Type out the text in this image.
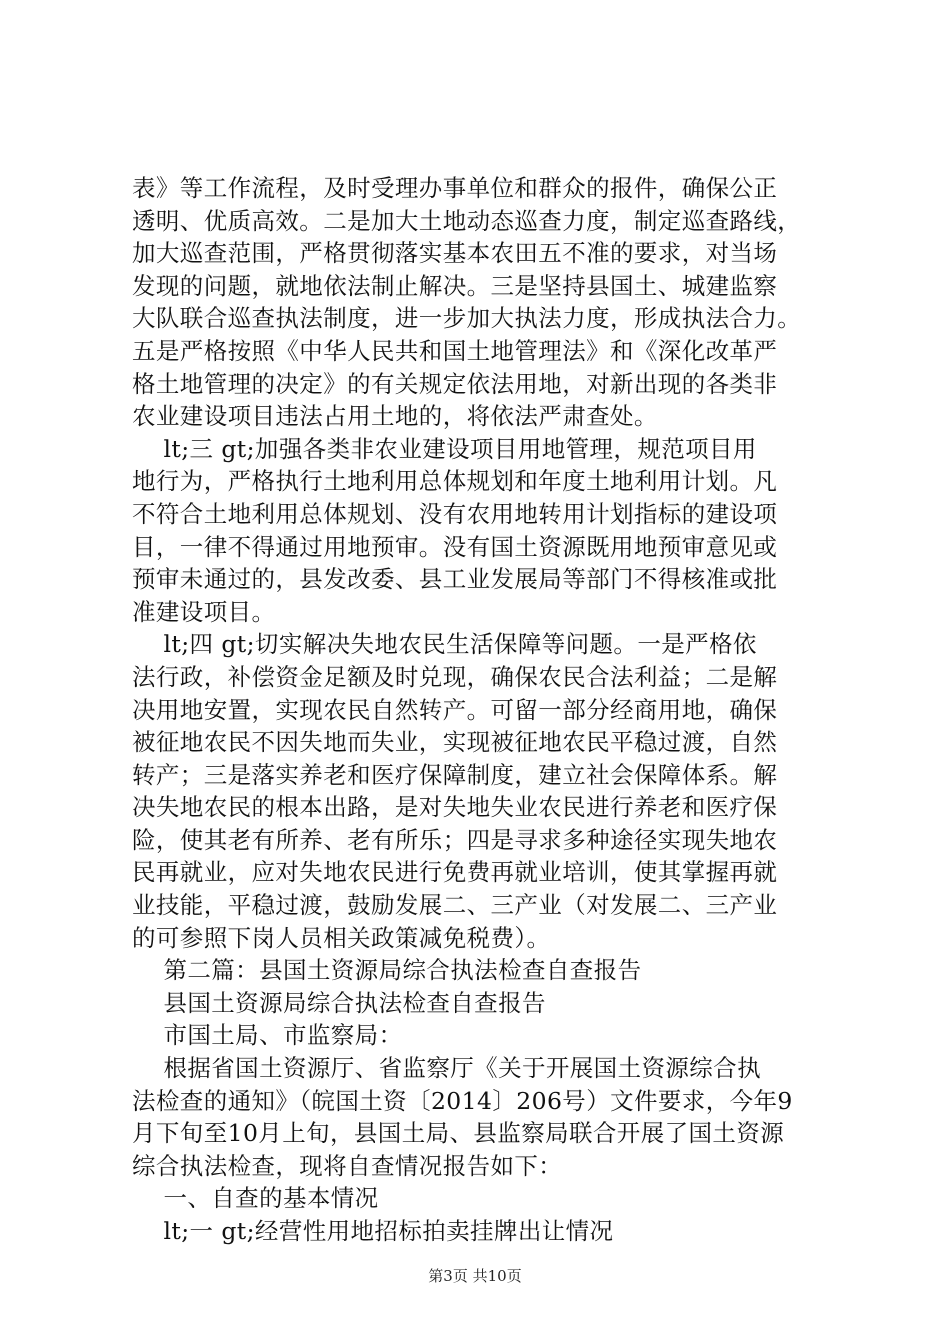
表》等工作流程，及时受理办事单位和群众的报件，确保公正
透明、优质高效。二是加大土地动态巡查力度，制定巡查路线，
加大巡查范围，严格贯彻落实基本农田五不准的要求，对当场
发现的问题，就地依法制止解决。三是坚持县国土、城建监察
大队联合巡查执法制度，进一步加大执法力度，形成执法合力。
五是严格按照《中华人民共和国土地管理法》和《深化改革严
格土地管理的决定》的有关规定依法用地，对新出现的各类非
农业建设项目违法占用土地的，将依法严肃查处。
lt;三 gt;加强各类非农业建设项目用地管理，规范项目用
地行为，严格执行土地利用总体规划和年度土地利用计划。凡
不符合土地利用总体规划、没有农用地转用计划指标的建设项
目，一律不得通过用地预审。没有国土资源既用地预审意见或
预审未通过的，县发改委、县工业发展局等部门不得核准或批
准建设项目。
lt;四 gt;切实解决失地农民生活保障等问题。一是严格依
法行政，补偿资金足额及时兑现，确保农民合法利益；二是解
决用地安置，实现农民自然转产。可留一部分经商用地，确保
被征地农民不因失地而失业，实现被征地农民平稳过渡，自然
转产；三是落实养老和医疗保障制度，建立社会保障体系。解
决失地农民的根本出路，是对失地失业农民进行养老和医疗保
险，使其老有所养、老有所乐；四是寻求多种途径实现失地农
民再就业，应对失地农民进行免费再就业培训，使其掌握再就
业技能，平稳过渡，鼓励发展二、三产业（对发展二、三产业
的可参照下岗人员相关政策减免税费）。
第二篇：县国土资源局综合执法检查自查报告
县国土资源局综合执法检查自查报告
市国土局、市监察局：
根据省国土资源厅、省监察厅《关于开展国土资源综合执
法检查的通知》（皖国土资〔2014〕206号）文件要求，今年9
月下旬至10月上旬，县国土局、县监察局联合开展了国土资源
综合执法检查，现将自查情况报告如下：
一、自查的基本情况
lt;一 gt;经营性用地招标拍卖挂牌出让情况
第3页 共10页
